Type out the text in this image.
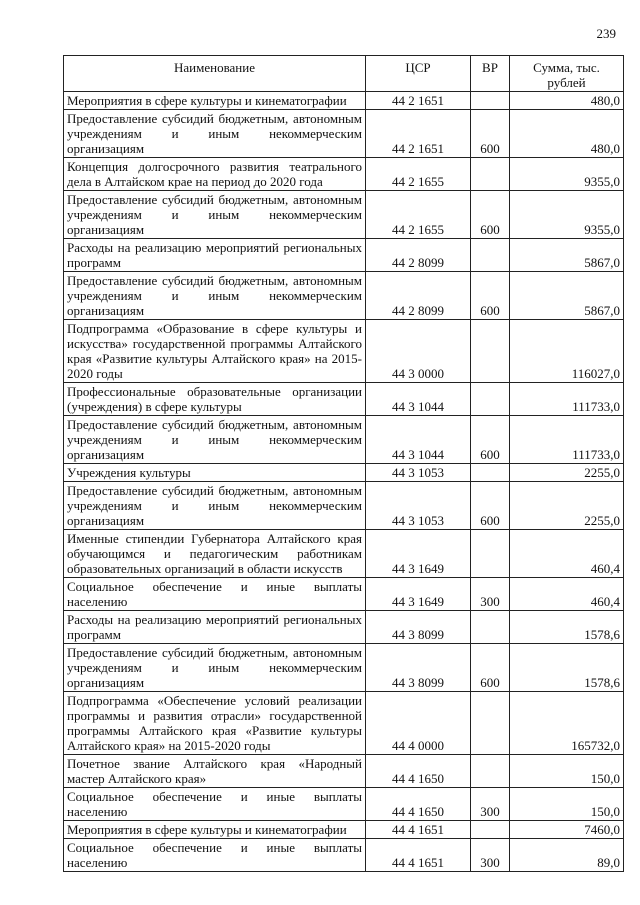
239
Наименование	ЦСР	ВР	Сумма, тыс. рублей
Мероприятия в сфере культуры и кинематографии	44 2 1651		480,0
Предоставление субсидий бюджетным, автономным учреждениям и иным некоммерческим организациям	44 2 1651	600	480,0
Концепция долгосрочного развития театрального дела в Алтайском крае на период до 2020 года	44 2 1655		9355,0
Предоставление субсидий бюджетным, автономным учреждениям и иным некоммерческим организациям	44 2 1655	600	9355,0
Расходы на реализацию мероприятий региональных программ	44 2 8099		5867,0
Предоставление субсидий бюджетным, автономным учреждениям и иным некоммерческим организациям	44 2 8099	600	5867,0
Подпрограмма «Образование в сфере культуры и искусства» государственной программы Алтайского края «Развитие культуры Алтайского края» на 2015-2020 годы	44 3 0000		116027,0
Профессиональные образовательные организации (учреждения) в сфере культуры	44 3 1044		111733,0
Предоставление субсидий бюджетным, автономным учреждениям и иным некоммерческим организациям	44 3 1044	600	111733,0
Учреждения культуры	44 3 1053		2255,0
Предоставление субсидий бюджетным, автономным учреждениям и иным некоммерческим организациям	44 3 1053	600	2255,0
Именные стипендии Губернатора Алтайского края обучающимся и педагогическим работникам образовательных организаций в области искусств	44 3 1649		460,4
Социальное обеспечение и иные выплаты населению	44 3 1649	300	460,4
Расходы на реализацию мероприятий региональных программ	44 3 8099		1578,6
Предоставление субсидий бюджетным, автономным учреждениям и иным некоммерческим организациям	44 3 8099	600	1578,6
Подпрограмма «Обеспечение условий реализации программы и развития отрасли» государственной программы Алтайского края «Развитие культуры Алтайского края» на 2015-2020 годы	44 4 0000		165732,0
Почетное звание Алтайского края «Народный мастер Алтайского края»	44 4 1650		150,0
Социальное обеспечение и иные выплаты населению	44 4 1650	300	150,0
Мероприятия в сфере культуры и кинематографии	44 4 1651		7460,0
Социальное обеспечение и иные выплаты населению	44 4 1651	300	89,0
